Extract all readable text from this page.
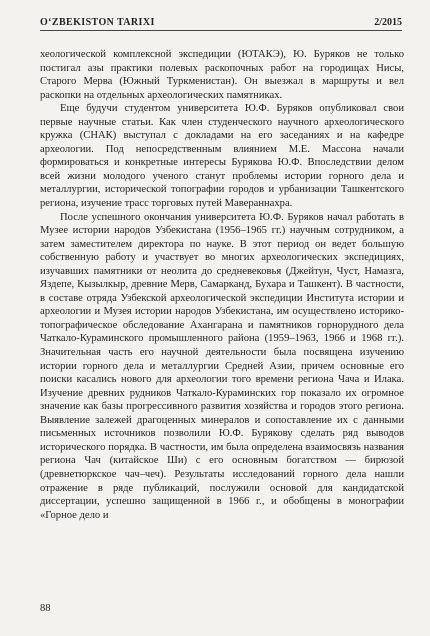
O‘ZBEKISTON TARIXI	2/2015

хеологической комплексной экспедиции (ЮТАКЭ), Ю. Буряков не только постигал азы практики полевых раскопочных работ на городищах Нисы, Старого Мерва (Южный Туркменистан). Он выезжал в маршруты и вел раскопки на отдельных археологических памятниках.

Еще будучи студентом университета Ю.Ф. Буряков опубликовал свои первые научные статьи. Как член студенческого научного археологического кружка (СНАК) выступал с докладами на его заседаниях и на кафедре археологии. Под непосредственным влиянием М.Е. Массона начали формироваться и конкретные интересы Бурякова Ю.Ф. Впоследствии делом всей жизни молодого ученого станут проблемы истории горного дела и металлургии, исторической топографии городов и урбанизации Ташкентского региона, изучение трасс торговых путей Мавераннахра.

После успешного окончания университета Ю.Ф. Буряков начал работать в Музее истории народов Узбекистана (1956–1965 гг.) научным сотрудником, а затем заместителем директора по науке. В этот период он ведет большую собственную работу и участвует во многих археологических экспедициях, изучавших памятники от неолита до средневековья (Джейтун, Чуст, Намазга, Яздепе, Кызылкыр, древние Мерв, Самарканд, Бухара и Ташкент). В частности, в составе отряда Узбекской археологической экспедиции Института истории и археологии и Музея истории народов Узбекистана, им осуществлено историко-топографическое обследование Ахангарана и памятников горнорудного дела Чаткало-Кураминского промышленного района (1959–1963, 1966 и 1968 гг.). Значительная часть его научной деятельности была посвящена изучению истории горного дела и металлургии Средней Азии, причем основные его поиски касались нового для археологии того времени региона Чача и Илака. Изучение древних рудников Чаткало-Кураминских гор показало их огромное значение как базы прогрессивного развития хозяйства и городов этого региона. Выявление залежей драгоценных минералов и сопоставление их с данными письменных источников позволили Ю.Ф. Бурякову сделать ряд выводов исторического порядка. В частности, им была определена взаимосвязь названия региона Чач (китайское Ши) с его основным богатством — бирюзой (древнетюркское чач–чеч). Результаты исследований горного дела нашли отражение в ряде публикаций, послужили основой для кандидатской диссертации, успешно защищенной в 1966 г., и обобщены в монографии «Горное дело и

88
